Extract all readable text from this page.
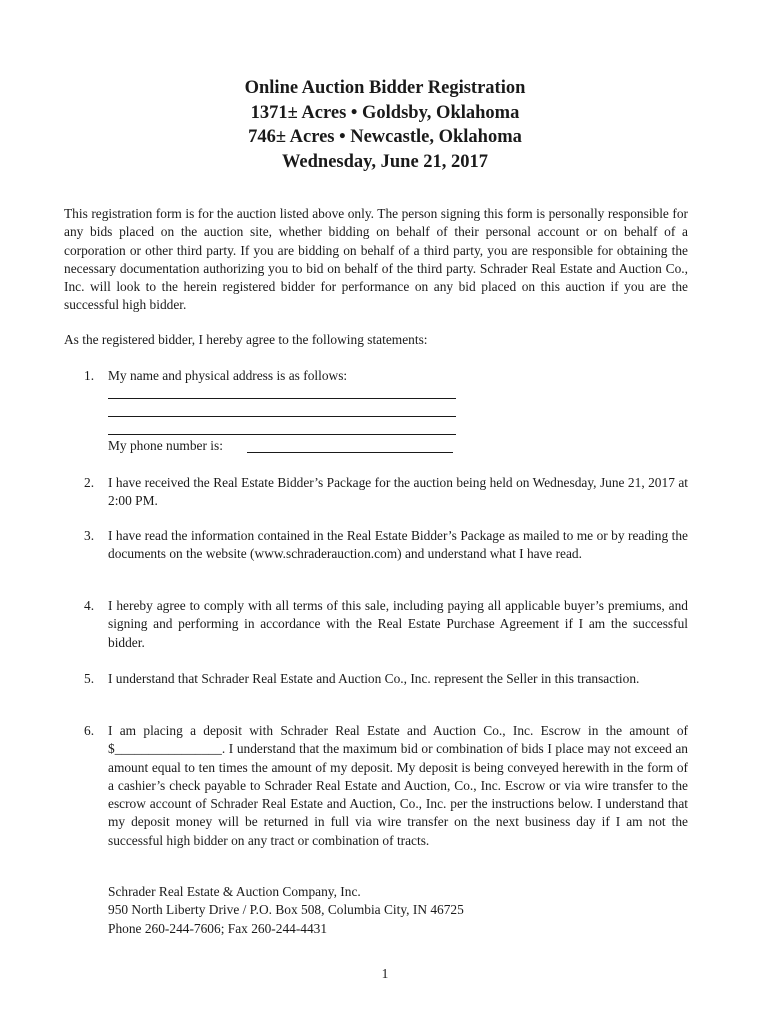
Online Auction Bidder Registration
1371± Acres • Goldsby, Oklahoma
746± Acres • Newcastle, Oklahoma
Wednesday, June 21, 2017
This registration form is for the auction listed above only. The person signing this form is personally responsible for any bids placed on the auction site, whether bidding on behalf of their personal account or on behalf of a corporation or other third party. If you are bidding on behalf of a third party, you are responsible for obtaining the necessary documentation authorizing you to bid on behalf of the third party. Schrader Real Estate and Auction Co., Inc. will look to the herein registered bidder for performance on any bid placed on this auction if you are the successful high bidder.
As the registered bidder, I hereby agree to the following statements:
1. My name and physical address is as follows:
My phone number is:
2. I have received the Real Estate Bidder’s Package for the auction being held on Wednesday, June 21, 2017 at 2:00 PM.
3. I have read the information contained in the Real Estate Bidder’s Package as mailed to me or by reading the documents on the website (www.schraderauction.com) and understand what I have read.
4. I hereby agree to comply with all terms of this sale, including paying all applicable buyer’s premiums, and signing and performing in accordance with the Real Estate Purchase Agreement if I am the successful bidder.
5. I understand that Schrader Real Estate and Auction Co., Inc. represent the Seller in this transaction.
6. I am placing a deposit with Schrader Real Estate and Auction Co., Inc. Escrow in the amount of $________________. I understand that the maximum bid or combination of bids I place may not exceed an amount equal to ten times the amount of my deposit. My deposit is being conveyed herewith in the form of a cashier’s check payable to Schrader Real Estate and Auction, Co., Inc. Escrow or via wire transfer to the escrow account of Schrader Real Estate and Auction, Co., Inc. per the instructions below. I understand that my deposit money will be returned in full via wire transfer on the next business day if I am not the successful high bidder on any tract or combination of tracts.
Schrader Real Estate & Auction Company, Inc.
950 North Liberty Drive / P.O. Box 508, Columbia City, IN 46725
Phone 260-244-7606; Fax 260-244-4431
1
